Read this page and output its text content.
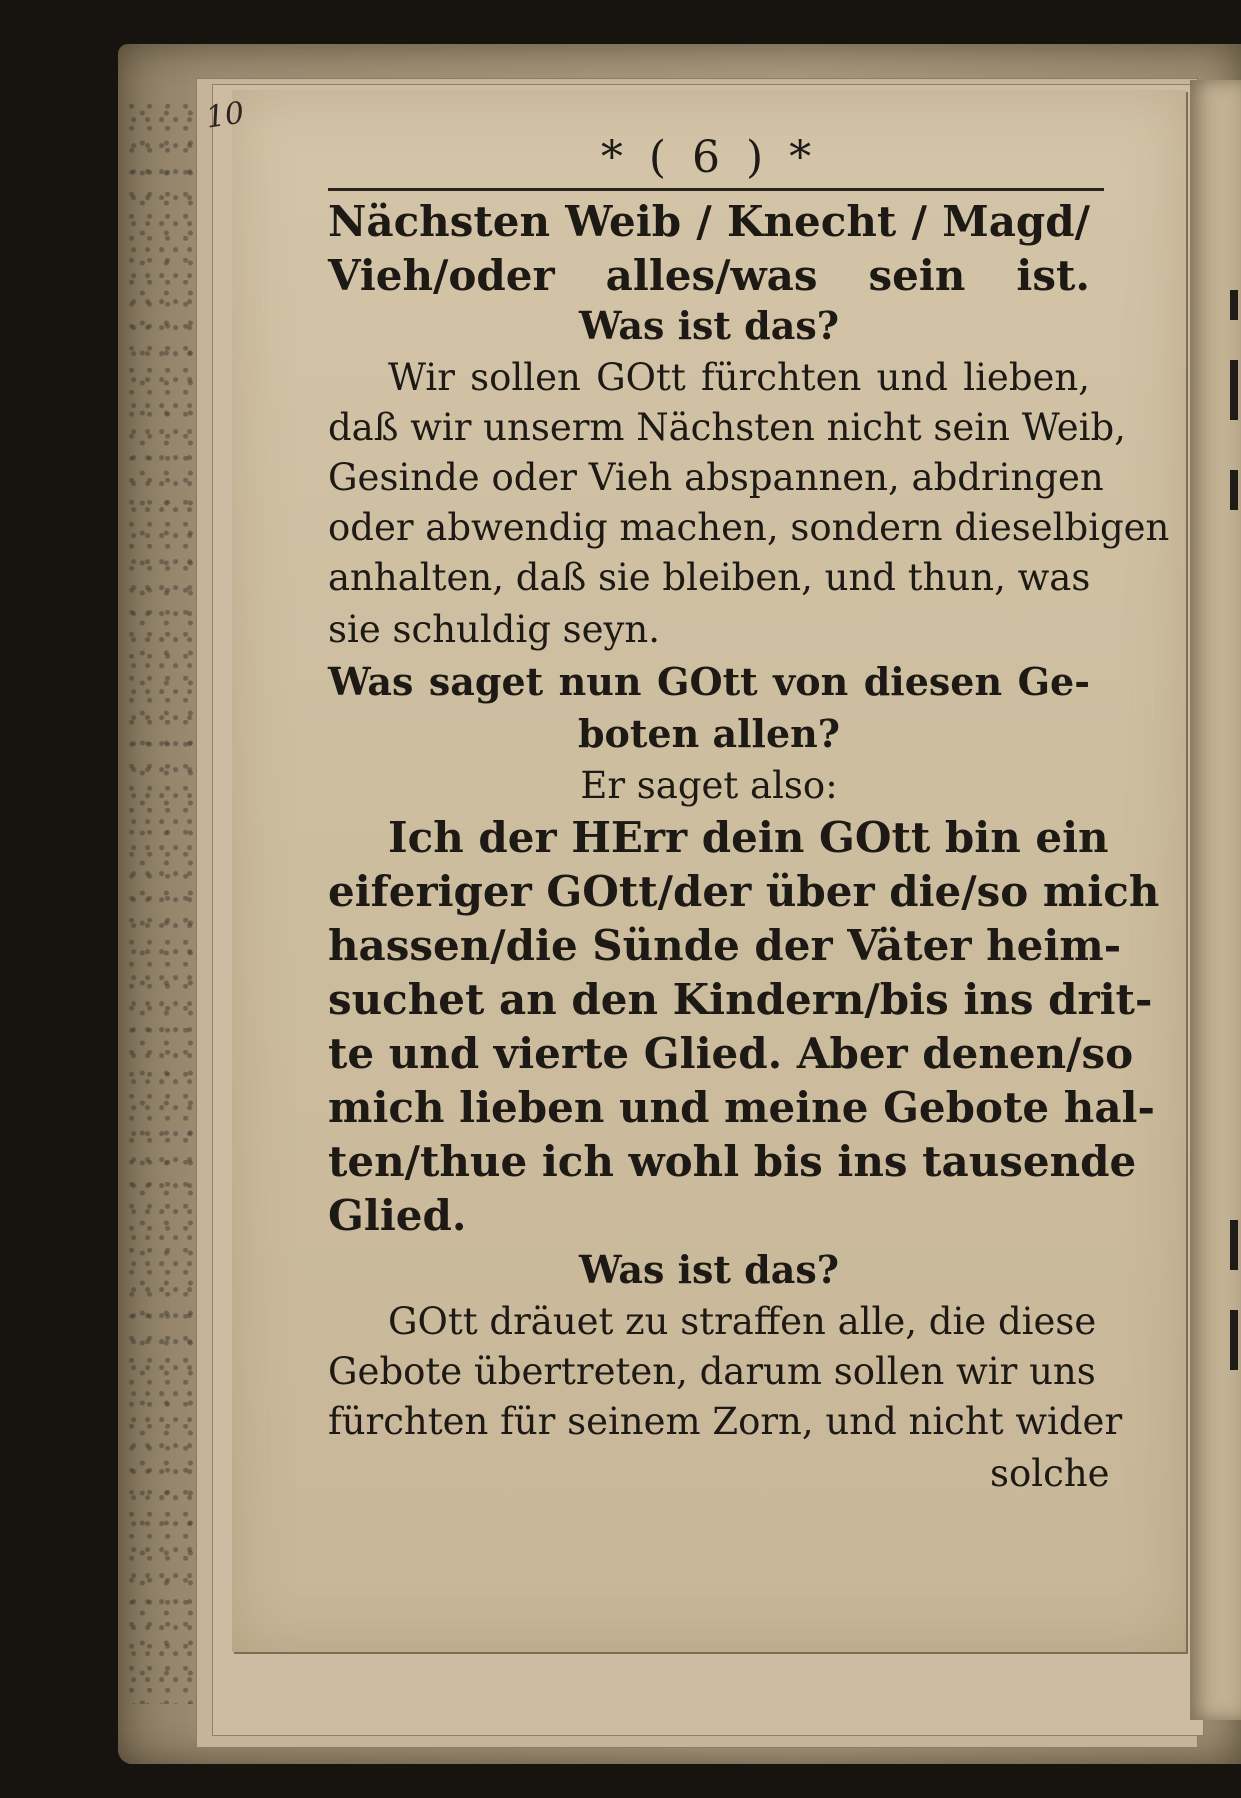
* ( 6 ) *
Nächsten Weib / Knecht / Magd/
Vieh/oder alles/was sein ist.
Was ist das?
Wir sollen GOtt fürchten und lieben,
daß wir unserm Nächsten nicht sein Weib,
Gesinde oder Vieh abspannen, abdringen
oder abwendig machen, sondern dieselbigen
anhalten, daß sie bleiben, und thun, was
sie schuldig seyn.
Was saget nun GOtt von diesen Ge-
boten allen?
Er saget also:
Ich der HErr dein GOtt bin ein
eiferiger GOtt/der über die/so mich
hassen/die Sünde der Väter heim-
suchet an den Kindern/bis ins drit-
te und vierte Glied. Aber denen/so
mich lieben und meine Gebote hal-
ten/thue ich wohl bis ins tausende
Glied.
Was ist das?
GOtt dräuet zu straffen alle, die diese
Gebote übertreten, darum sollen wir uns
fürchten für seinem Zorn, und nicht wider
solche
10
